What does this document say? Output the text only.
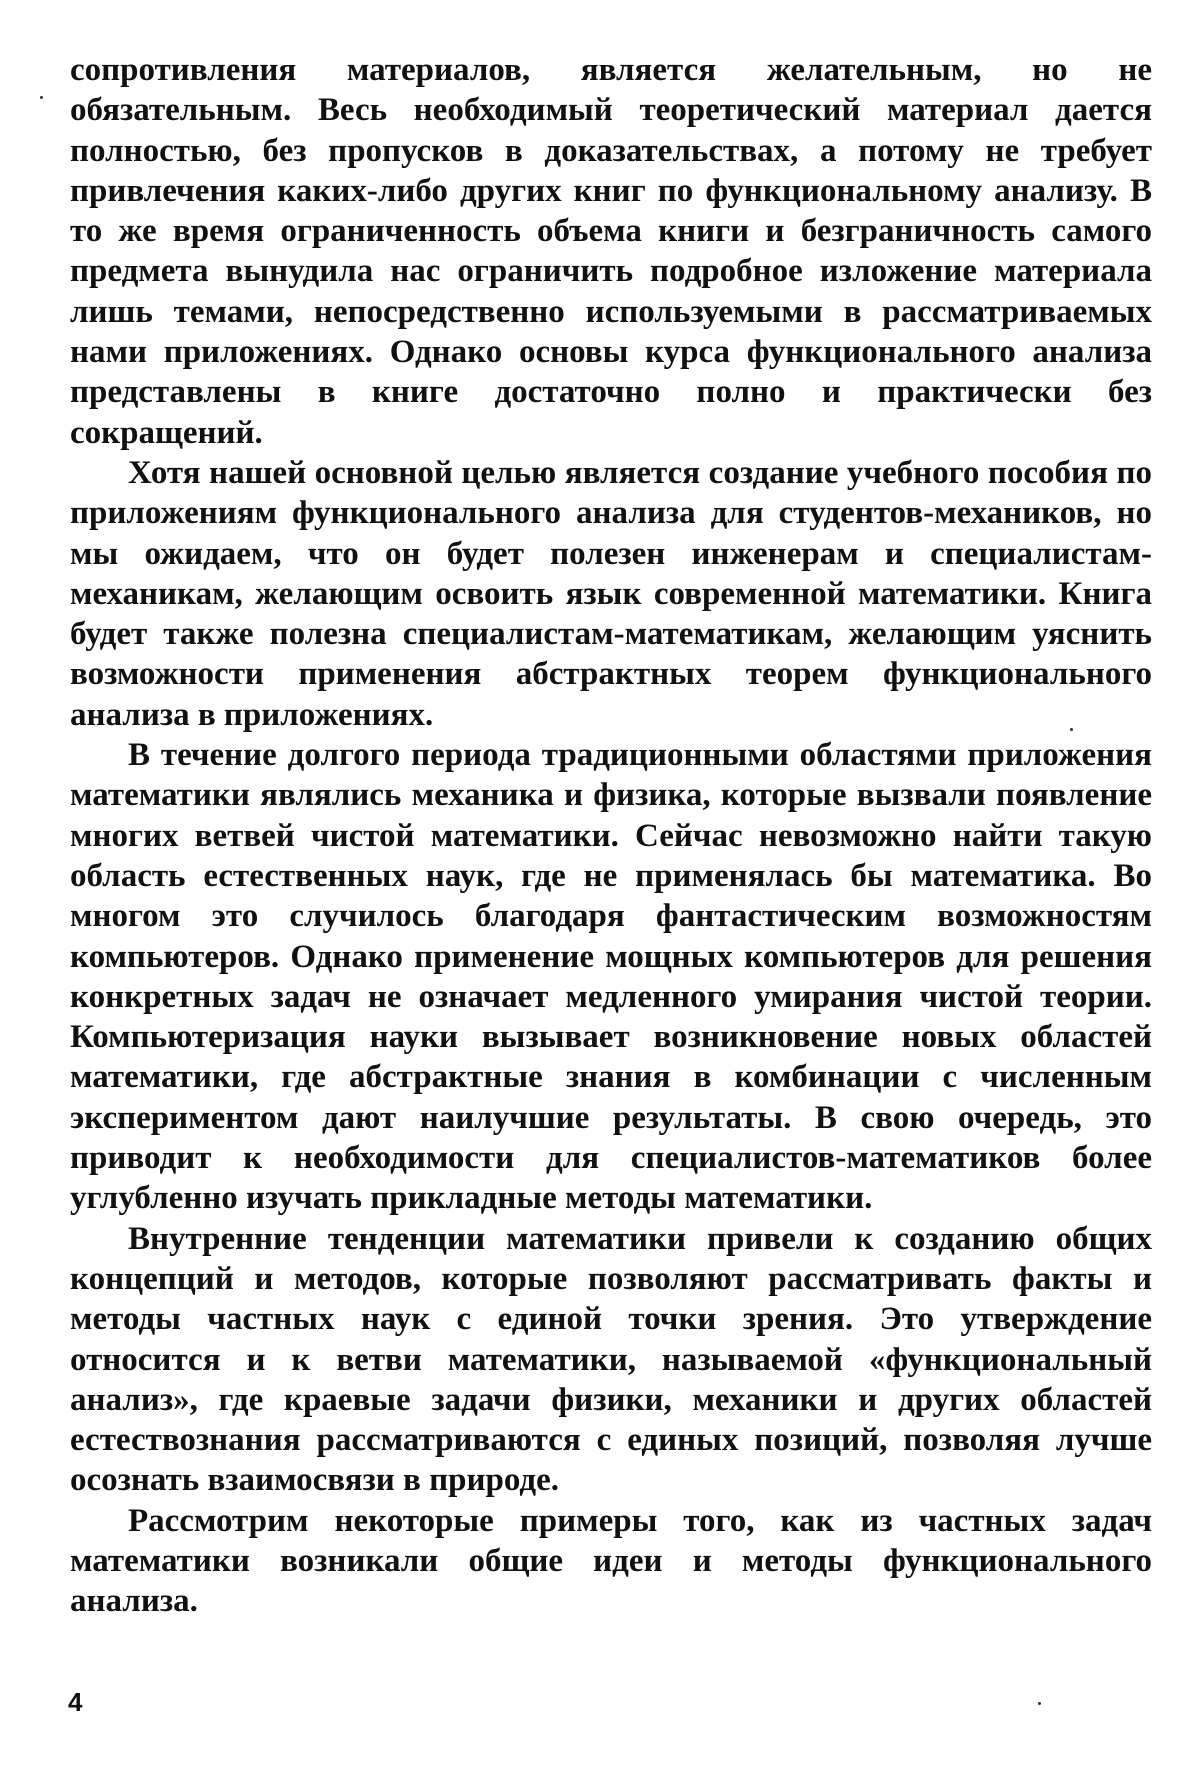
сопротивления материалов, является желательным, но не обязательным. Весь необходимый теоретический материал дается полностью, без пропусков в доказательствах, а потому не требует привлечения каких-либо других книг по функциональному анализу. В то же время ограниченность объема книги и безграничность самого предмета вынудила нас ограничить подробное изложение материала лишь темами, непосредственно используемыми в рассматриваемых нами приложениях. Однако основы курса функционального анализа представлены в книге достаточно полно и практически без сокращений.

Хотя нашей основной целью является создание учебного пособия по приложениям функционального анализа для студентов-механиков, но мы ожидаем, что он будет полезен инженерам и специалистам-механикам, желающим освоить язык современной математики. Книга будет также полезна специалистам-математикам, желающим уяснить возможности применения абстрактных теорем функционального анализа в приложениях.

В течение долгого периода традиционными областями приложения математики являлись механика и физика, которые вызвали появление многих ветвей чистой математики. Сейчас невозможно найти такую область естественных наук, где не применялась бы математика. Во многом это случилось благодаря фантастическим возможностям компьютеров. Однако применение мощных компьютеров для решения конкретных задач не означает медленного умирания чистой теории. Компьютеризация науки вызывает возникновение новых областей математики, где абстрактные знания в комбинации с численным экспериментом дают наилучшие результаты. В свою очередь, это приводит к необходимости для специалистов-математиков более углубленно изучать прикладные методы математики.

Внутренние тенденции математики привели к созданию общих концепций и методов, которые позволяют рассматривать факты и методы частных наук с единой точки зрения. Это утверждение относится и к ветви математики, называемой «функциональный анализ», где краевые задачи физики, механики и других областей естествознания рассматриваются с единых позиций, позволяя лучше осознать взаимосвязи в природе.

Рассмотрим некоторые примеры того, как из частных задач математики возникали общие идеи и методы функционального анализа.

4
